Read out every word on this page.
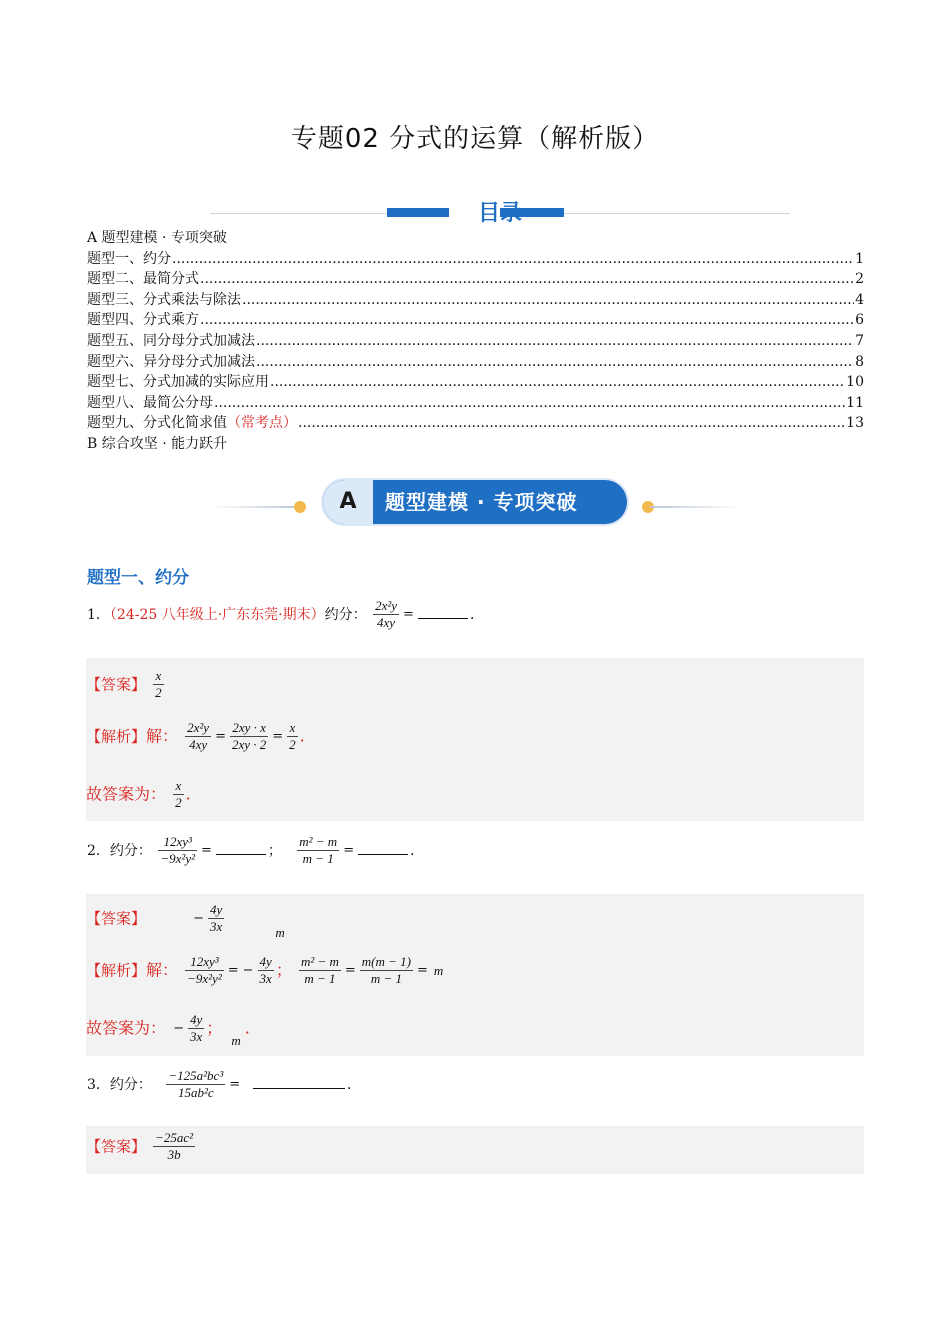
专题02 分式的运算（解析版）
目录
A 题型建模 · 专项突破
题型一、约分 .....	1
题型二、最简分式 .....	2
题型三、分式乘法与除法 .....	4
题型四、分式乘方 .....	6
题型五、同分母分式加减法 .....	7
题型六、异分母分式加减法 .....	8
题型七、分式加减的实际应用 .....	10
题型八、最简公分母 .....	11
题型九、分式化简求值 （常考点） .....	13
B 综合攻坚 · 能力跃升
A	题型建模 · 专项突破
题型一、约分
1．（24-25 八年级上·广东东莞·期末）约分： $\frac{\text{2x²y}}{4xy}$ =	．
【答案】 $\frac{x}{2}$
【解析】解： $\frac{\text{2x²y}}{4xy} = \frac{2xy \cdot x}{2xy \cdot 2} = \frac{x}{2}$ .
故答案为： $\frac{x}{2}$ .
2．约分： $\frac{\text{12xy³}}{\text{−9x²y²}}$ =	； $\frac{\text{m² − m}}{m - 1}$ =	．
【答案】	− $\frac{4y}{3x}$
	m
【解析】解： $\frac{\text{12xy³}}{\text{−9x²y²}}$ = − $\frac{4y}{3x}$ ； $\frac{\text{m² − m}}{m - 1} = \frac{m(m - 1)}{m - 1} = m$
故答案为： − $\frac{4y}{3x}$ ；
m
.
3．约分： $\frac{\text{−125a²bc³}}{\text{15ab²c}}$ =	．
【答案】 $\frac{\text{−25ac²}}{3b}$
